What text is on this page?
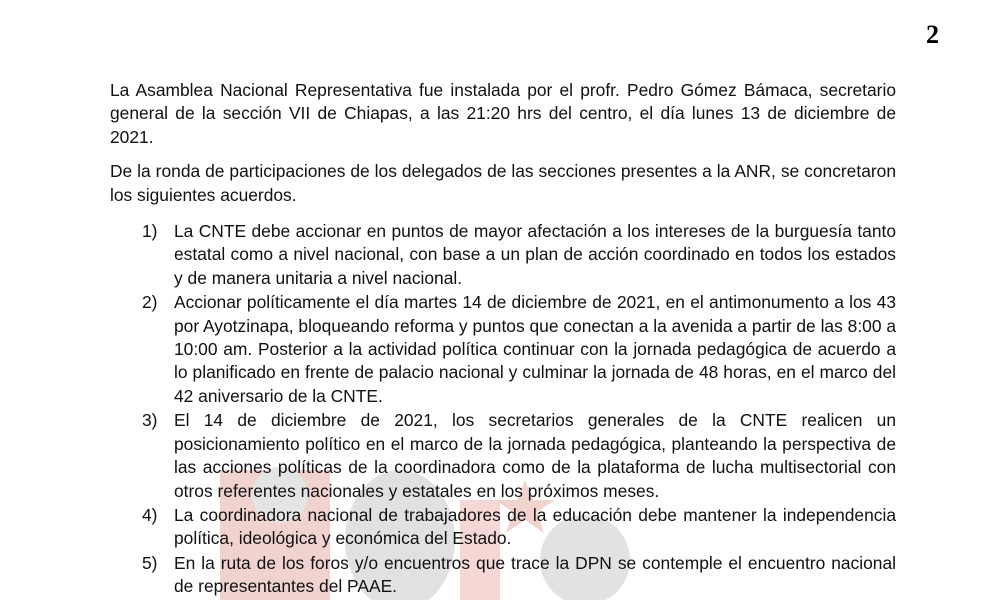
2

La Asamblea Nacional Representativa fue instalada por el profr. Pedro Gómez Bámaca, secretario general de la sección VII de Chiapas, a las 21:20 hrs del centro, el día lunes 13 de diciembre de 2021.

De la ronda de participaciones de los delegados de las secciones presentes a la ANR, se concretaron los siguientes acuerdos.

1) La CNTE debe accionar en puntos de mayor afectación a los intereses de la burguesía tanto estatal como a nivel nacional, con base a un plan de acción coordinado en todos los estados y de manera unitaria a nivel nacional.
2) Accionar políticamente el día martes 14 de diciembre de 2021, en el antimonumento a los 43 por Ayotzinapa, bloqueando reforma y puntos que conectan a la avenida a partir de las 8:00 a 10:00 am. Posterior a la actividad política continuar con la jornada pedagógica de acuerdo a lo planificado en frente de palacio nacional y culminar la jornada de 48 horas, en el marco del 42 aniversario de la CNTE.
3) El 14 de diciembre de 2021, los secretarios generales de la CNTE realicen un posicionamiento político en el marco de la jornada pedagógica, planteando la perspectiva de las acciones políticas de la coordinadora como de la plataforma de lucha multisectorial con otros referentes nacionales y estatales en los próximos meses.
4) La coordinadora nacional de trabajadores de la educación debe mantener la independencia política, ideológica y económica del Estado.
5) En la ruta de los foros y/o encuentros que trace la DPN se contemple el encuentro nacional de representantes del PAAE.
